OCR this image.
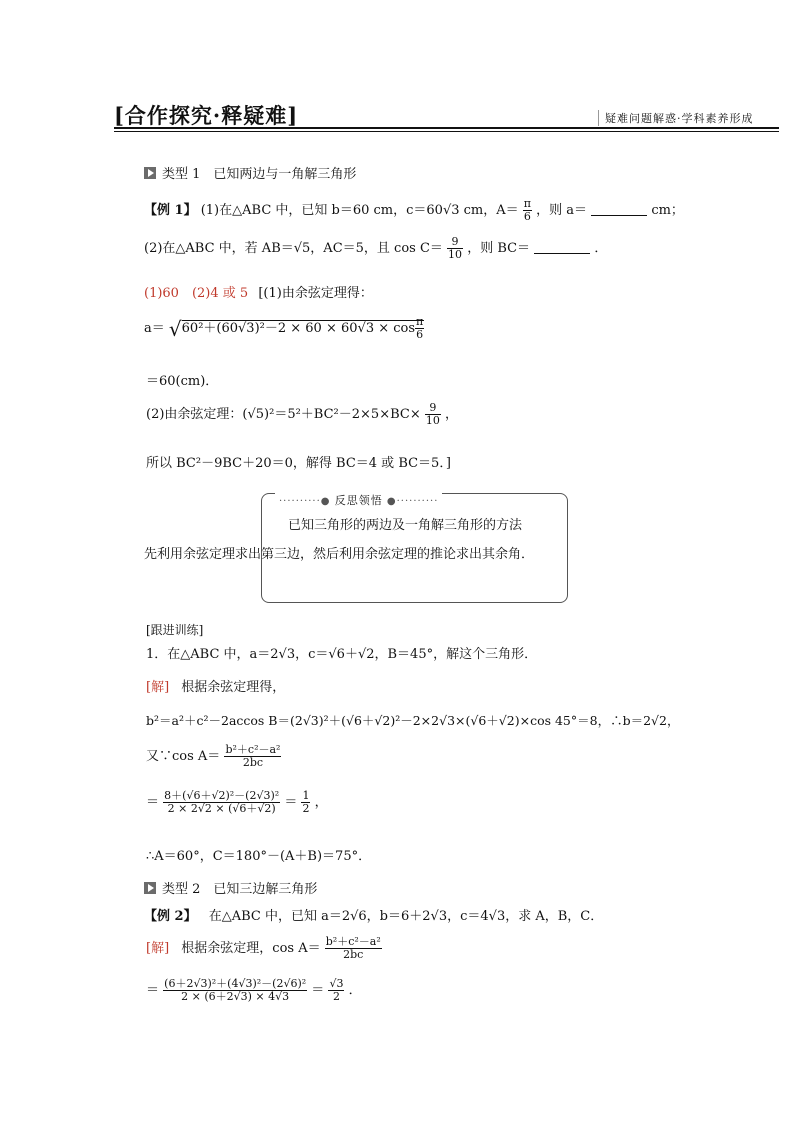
[合作探究·释疑难]	疑难问题解惑·学科素养形成
类型 1　已知两边与一角解三角形
【例 1】 (1)在△ABC 中，已知 b＝60 cm，c＝60√3 cm，$A= \frac{\pi}{6}$ ，则 a＝	cm；
(2)在△ABC 中，若 AB＝√5，AC＝5，且 $\cos C= \frac{9}{10}$ ，则 BC＝	．
(1)60　(2)4 或 5 [(1)由余弦定理得：
$a= √60^2+(60√3)^2-2 \times 60 \times 60√3 \times \cos \frac{\pi}{6}$
＝60(cm)．
(2)由余弦定理：$(√5)^2=5^2+BC^2-2\times 5\times BC\times \frac{9}{10}$ ，
所以 BC²－9BC＋20＝0，解得 BC＝4 或 BC＝5．]
··········● 反思领悟 ●··········
已知三角形的两边及一角解三角形的方法
先利用余弦定理求出第三边，然后利用余弦定理的推论求出其余角．
[跟进训练]
1．在△ABC 中，a＝2√3，c＝√6＋√2，B＝45°，解这个三角形．
[解] 根据余弦定理得，
b²＝a²＋c²－2accos B＝(2√3)²＋(√6＋√2)²－2×2√3×(√6＋√2)×cos 45°＝8，∴b＝2√2，
又∵cos $A= \frac{\text{b²＋c²－a²}}{2bc}$
＝ $\frac{\text{8＋(√6＋√2)²－(2√3)²}}{2 \times 2√2 \times (√6+√2)} = \frac{1}{2}$ ，
∴A＝60°，C＝180°－(A＋B)＝75°．
类型 2　已知三边解三角形
【例 2】 在△ABC 中，已知 a＝2√6，b＝6＋2√3，c＝4√3，求 A，B，C．
[解] 根据余弦定理，$\cos A= \frac{\text{b²＋c²－a²}}{2bc}$
＝ $\frac{\text{(6＋2√3)²＋(4√3)²－(2√6)²}}{2 \times (6+2√3) \times 4√3} = \frac{√3}{2}$ ．
